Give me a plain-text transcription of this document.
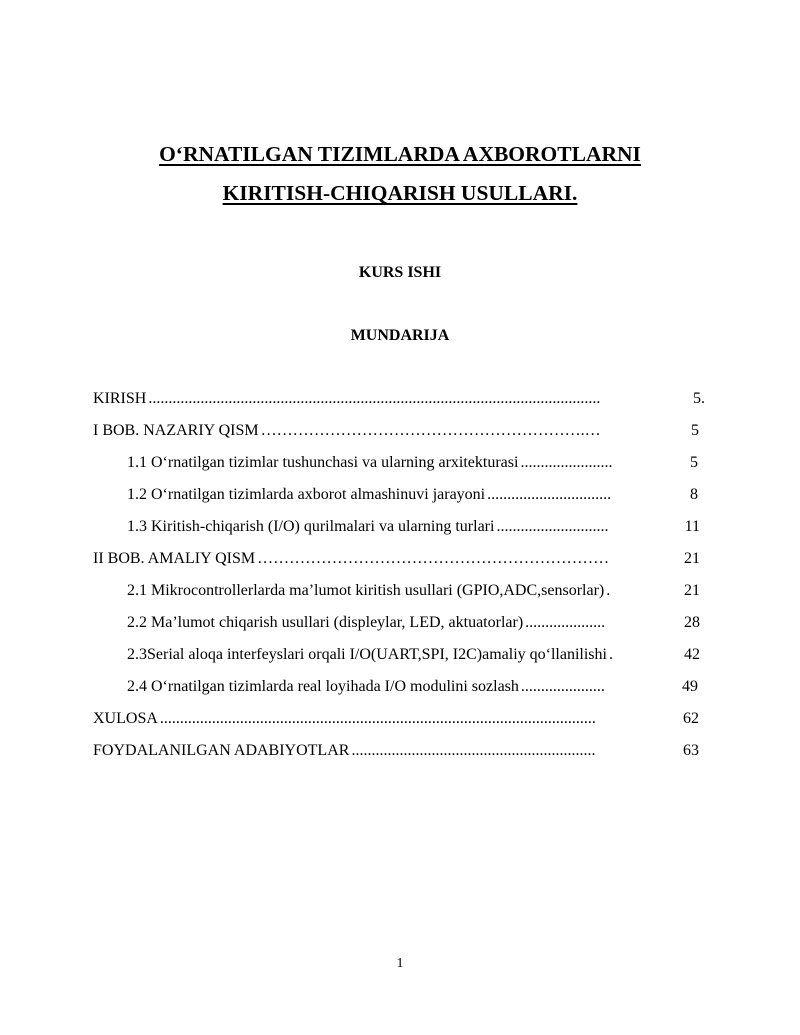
O‘RNATILGAN TIZIMLARDA AXBOROTLARNI
KIRITISH-CHIQARISH USULLARI.
KURS ISHI
MUNDARIJA
KIRISH .................................................................................................................	5.
I BOB. NAZARIY QISM …………………………………………………….…	5
1.1 O‘rnatilgan tizimlar tushunchasi va ularning arxitekturasi .......................	5
1.2 O‘rnatilgan tizimlarda axborot almashinuvi jarayoni ...............................	8
1.3 Kiritish-chiqarish (I/O) qurilmalari va ularning turlari ............................	11
II BOB. AMALIY QISM …………………………………………………………	21
2.1 Mikrocontrollerlarda ma’lumot kiritish usullari (GPIO,ADC,sensorlar) .	21
2.2 Ma’lumot chiqarish usullari (displeylar, LED, aktuatorlar) ....................	28
2.3Serial aloqa interfeyslari orqali I/O(UART,SPI, I2C)amaliy qo‘llanilishi .	42
2.4 O‘rnatilgan tizimlarda real loyihada I/O modulini sozlash .....................	49
XULOSA .............................................................................................................	62
FOYDALANILGAN ADABIYOTLAR .............................................................	63
1
